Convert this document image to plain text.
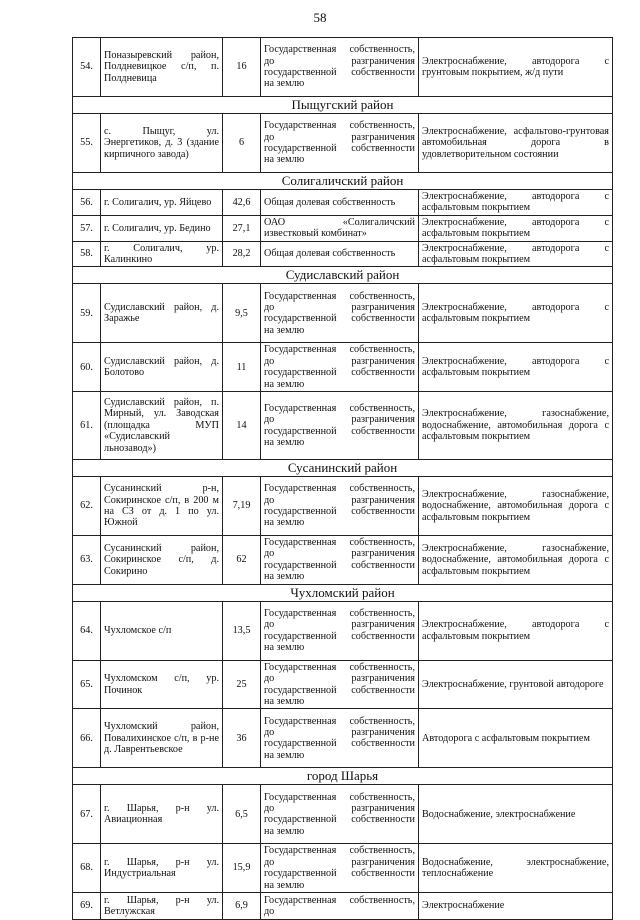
58
54.	Поназыревский район, Полдневицкое с/п, п. Полдневица	16	Государственная собственность, до разграничения государственной собственности на землю	Электроснабжение, автодорога с грунтовым покрытием, ж/д пути
Пыщугский район				
55.	с. Пыщуг, ул. Энергетиков, д. 3 (здание кирпичного завода)	6	Государственная собственность, до разграничения государственной собственности на землю	Электроснабжение, асфальтово-грунтовая автомобильная дорога в удовлетворительном состоянии
Солигаличский район				
56.	г. Солигалич, ур. Яйцево	42,6	Общая долевая собственность	Электроснабжение, автодорога с асфальтовым покрытием
57.	г. Солигалич, ур. Бедино	27,1	ОАО «Солигаличский известковый комбинат»	Электроснабжение, автодорога с асфальтовым покрытием
58.	г. Солигалич, ур. Калинкино	28,2	Общая долевая собственность	Электроснабжение, автодорога с асфальтовым покрытием
Судиславский район				
59.	Судиславский район, д. Заражье	9,5	Государственная собственность, до разграничения государственной собственности на землю	Электроснабжение, автодорога с асфальтовым покрытием
60.	Судиславский район, д. Болотово	11	Государственная собственность, до разграничения государственной собственности на землю	Электроснабжение, автодорога с асфальтовым покрытием
61.	Судиславский район, п. Мирный, ул. Заводская (площадка МУП «Судиславский льнозавод»)	14	Государственная собственность, до разграничения государственной собственности на землю	Электроснабжение, газоснабжение, водоснабжение, автомобильная дорога с асфальтовым покрытием
Сусанинский район				
62.	Сусанинский р-н, Сокиринское с/п, в 200 м на СЗ от д. 1 по ул. Южной	7,19	Государственная собственность, до разграничения государственной собственности на землю	Электроснабжение, газоснабжение, водоснабжение, автомобильная дорога с асфальтовым покрытием
63.	Сусанинский район, Сокиринское с/п, д. Сокирино	62	Государственная собственность, до разграничения государственной собственности на землю	Электроснабжение, газоснабжение, водоснабжение, автомобильная дорога с асфальтовым покрытием
Чухломский район				
64.	Чухломское с/п	13,5	Государственная собственность, до разграничения государственной собственности на землю	Электроснабжение, автодорога с асфальтовым покрытием
65.	Чухломском с/п, ур. Починок	25	Государственная собственность, до разграничения государственной собственности на землю	Электроснабжение, грунтовой автодороге
66.	Чухломский район, Повалихинское с/п, в р-не д. Лаврентьевское	36	Государственная собственность, до разграничения государственной собственности на землю	Автодорога с асфальтовым покрытием
город Шарья				
67.	г. Шарья, р-н ул. Авиационная	6,5	Государственная собственность, до разграничения государственной собственности на землю	Водоснабжение, электроснабжение
68.	г. Шарья, р-н ул. Индустриальная	15,9	Государственная собственность, до разграничения государственной собственности на землю	Водоснабжение, электроснабжение, теплоснабжение
69.	г. Шарья, р-н ул. Ветлужская	6,9	Государственная собственность, до	Электроснабжение
